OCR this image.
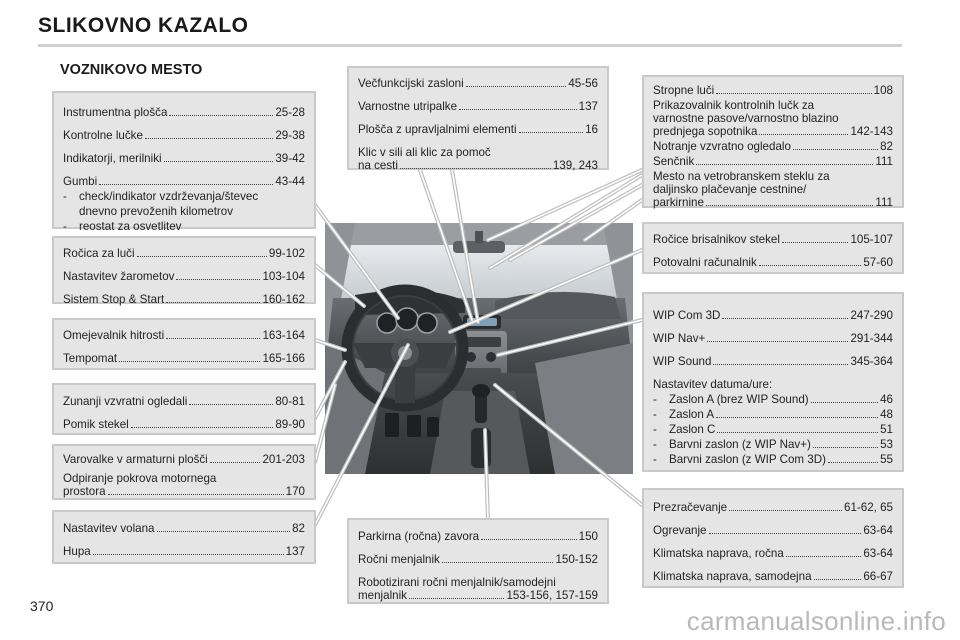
SLIKOVNO KAZALO
VOZNIKOVO MESTO
Instrumentna plošča	25-28
Kontrolne lučke	29-38
Indikatorji, merilniki	39-42
Gumbi	43-44
-	check/indikator vzdrževanja/števec
dnevno prevoženih kilometrov
-	reostat za osvetlitev
Ročica za luči	99-102
Nastavitev žarometov	103-104
Sistem Stop & Start	160-162
Omejevalnik hitrosti	163-164
Tempomat	165-166
Zunanji vzvratni ogledali	80-81
Pomik stekel	89-90
Varovalke v armaturni plošči	201-203
Odpiranje pokrova motornega
prostora	170
Nastavitev volana	82
Hupa	137
Večfunkcijski zasloni	45-56
Varnostne utripalke	137
Plošča z upravljalnimi elementi	16
Klic v sili ali klic za pomoč
na cesti	139, 243
Parkirna (ročna) zavora	150
Ročni menjalnik	150-152
Robotizirani ročni menjalnik/samodejni
menjalnik	153-156, 157-159
Stropne luči	108
Prikazovalnik kontrolnih lučk za
varnostne pasove/varnostno blazino
prednjega sopotnika	142-143
Notranje vzvratno ogledalo	82
Senčnik	111
Mesto na vetrobranskem steklu za
daljinsko plačevanje cestnine/
parkirnine	111
Ročice brisalnikov stekel	105-107
Potovalni računalnik	57-60
WIP Com 3D	247-290
WIP Nav+	291-344
WIP Sound	345-364
Nastavitev datuma/ure:
-	Zaslon A (brez WIP Sound)	46
-	Zaslon A	48
-	Zaslon C	51
-	Barvni zaslon (z WIP Nav+)	53
-	Barvni zaslon (z WIP Com 3D)	55
Prezračevanje	61-62, 65
Ogrevanje	63-64
Klimatska naprava, ročna	63-64
Klimatska naprava, samodejna	66-67
370	carmanualsonline.info
